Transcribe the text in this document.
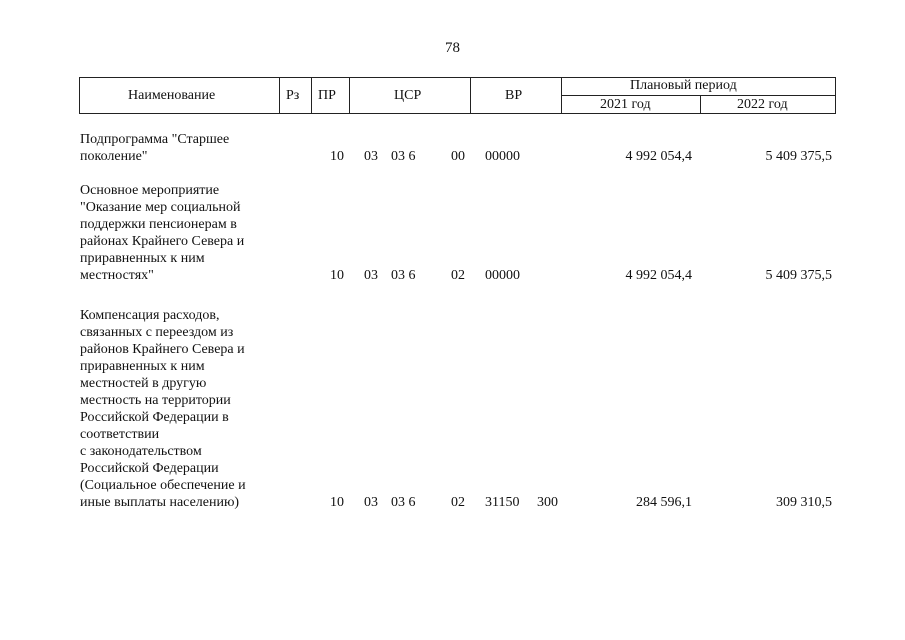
78
Наименование	Рз ПР	ЦСР	ВР
Плановый период
2021 год	2022 год
Подпрограмма "Старшее
поколение"	10 03 03 6	00 00000	4 992 054,4	5 409 375,5
Основное мероприятие
"Оказание мер социальной
поддержки пенсионерам в
районах Крайнего Севера и
приравненных к ним
местностях"	10 03 03 6	02 00000	4 992 054,4	5 409 375,5
Компенсация расходов,
связанных с переездом из
районов Крайнего Севера и
приравненных к ним
местностей в другую
местность на территории
Российской Федерации в
соответствии
с законодательством
Российской Федерации
(Социальное обеспечение и
иные выплаты населению)	10 03 03 6	02 31150 300	284 596,1	309 310,5
